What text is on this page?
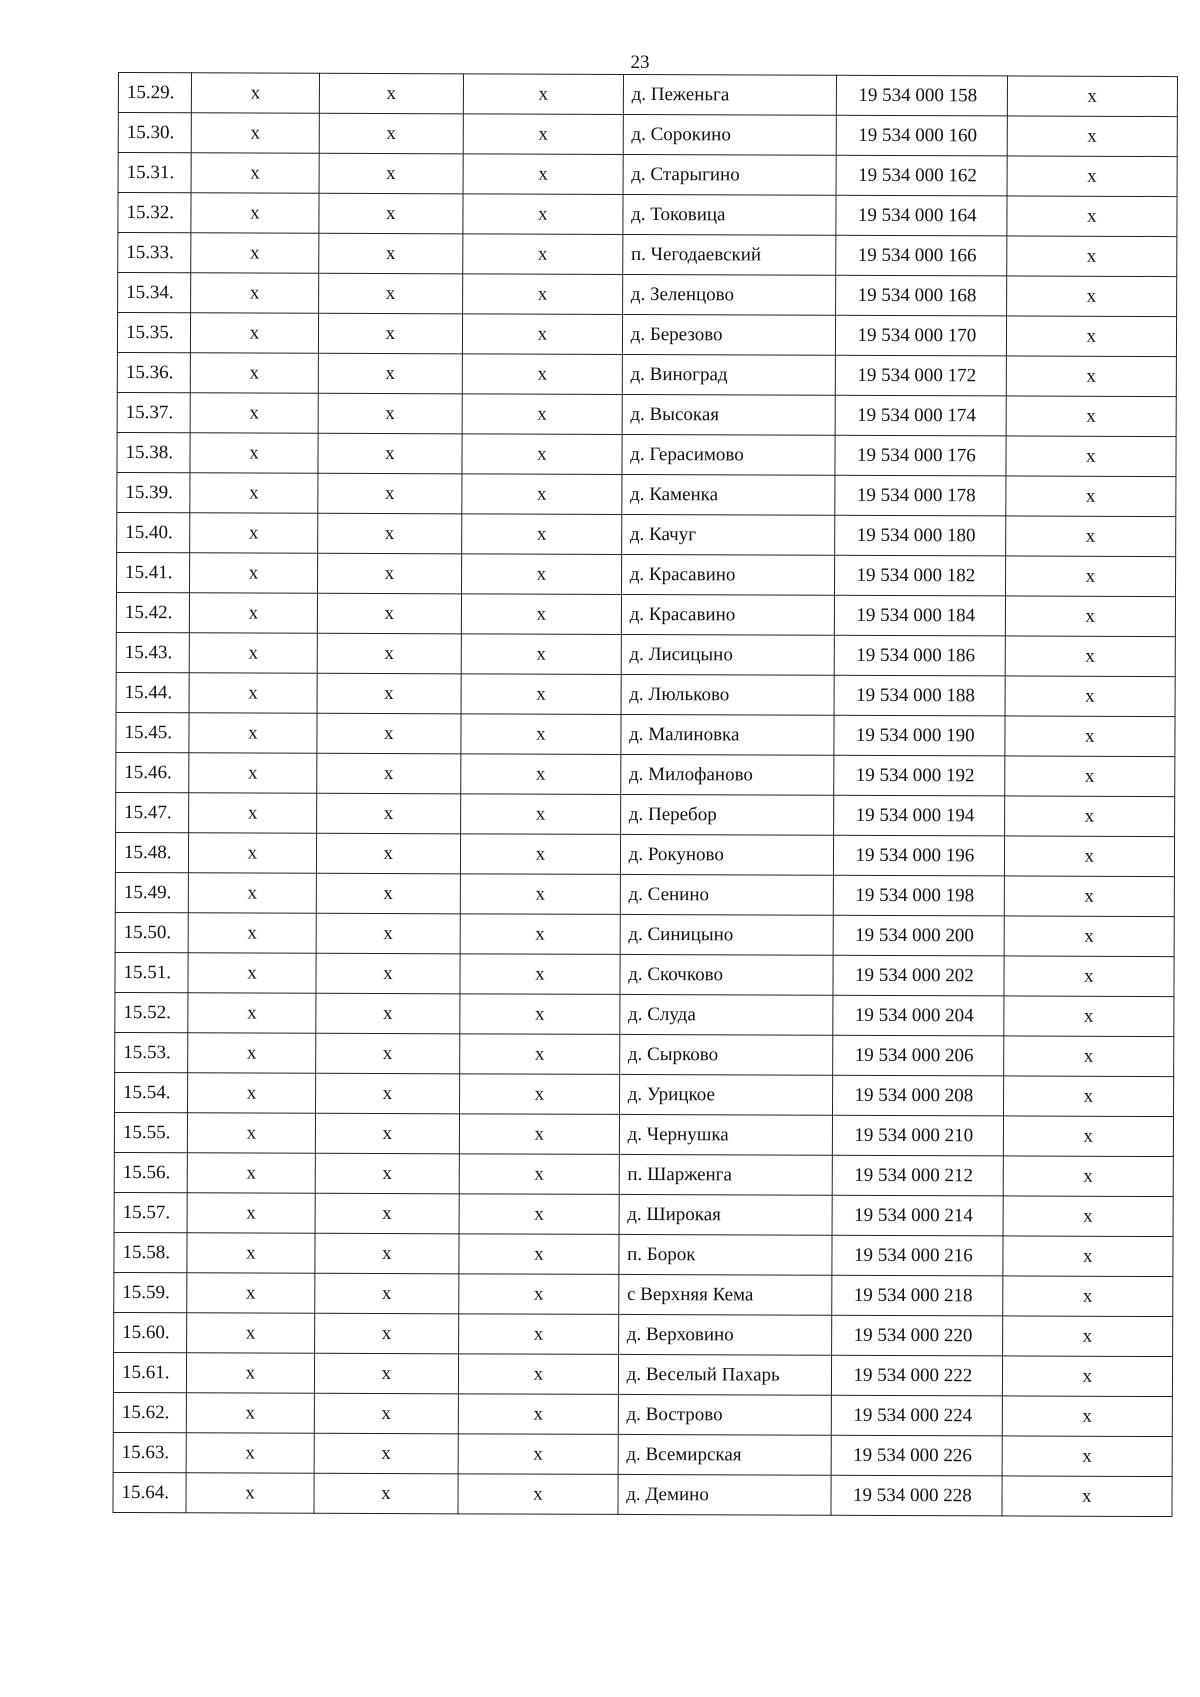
23
15.29.	x	x	x	д. Пеженьга	19 534 000 158	x
15.30.	x	x	x	д. Сорокино	19 534 000 160	x
15.31.	x	x	x	д. Старыгино	19 534 000 162	x
15.32.	x	x	x	д. Токовица	19 534 000 164	x
15.33.	x	x	x	п. Чегодаевский	19 534 000 166	x
15.34.	x	x	x	д. Зеленцово	19 534 000 168	x
15.35.	x	x	x	д. Березово	19 534 000 170	x
15.36.	x	x	x	д. Виноград	19 534 000 172	x
15.37.	x	x	x	д. Высокая	19 534 000 174	x
15.38.	x	x	x	д. Герасимово	19 534 000 176	x
15.39.	x	x	x	д. Каменка	19 534 000 178	x
15.40.	x	x	x	д. Качуг	19 534 000 180	x
15.41.	x	x	x	д. Красавино	19 534 000 182	x
15.42.	x	x	x	д. Красавино	19 534 000 184	x
15.43.	x	x	x	д. Лисицыно	19 534 000 186	x
15.44.	x	x	x	д. Люльково	19 534 000 188	x
15.45.	x	x	x	д. Малиновка	19 534 000 190	x
15.46.	x	x	x	д. Милофаново	19 534 000 192	x
15.47.	x	x	x	д. Перебор	19 534 000 194	x
15.48.	x	x	x	д. Рокуново	19 534 000 196	x
15.49.	x	x	x	д. Сенино	19 534 000 198	x
15.50.	x	x	x	д. Синицыно	19 534 000 200	x
15.51.	x	x	x	д. Скочково	19 534 000 202	x
15.52.	x	x	x	д. Слуда	19 534 000 204	x
15.53.	x	x	x	д. Сырково	19 534 000 206	x
15.54.	x	x	x	д. Урицкое	19 534 000 208	x
15.55.	x	x	x	д. Чернушка	19 534 000 210	x
15.56.	x	x	x	п. Шарженга	19 534 000 212	x
15.57.	x	x	x	д. Широкая	19 534 000 214	x
15.58.	x	x	x	п. Борок	19 534 000 216	x
15.59.	x	x	x	с Верхняя Кема	19 534 000 218	x
15.60.	x	x	x	д. Верховино	19 534 000 220	x
15.61.	x	x	x	д. Веселый Пахарь	19 534 000 222	x
15.62.	x	x	x	д. Вострово	19 534 000 224	x
15.63.	x	x	x	д. Всемирская	19 534 000 226	x
15.64.	x	x	x	д. Демино	19 534 000 228	x
